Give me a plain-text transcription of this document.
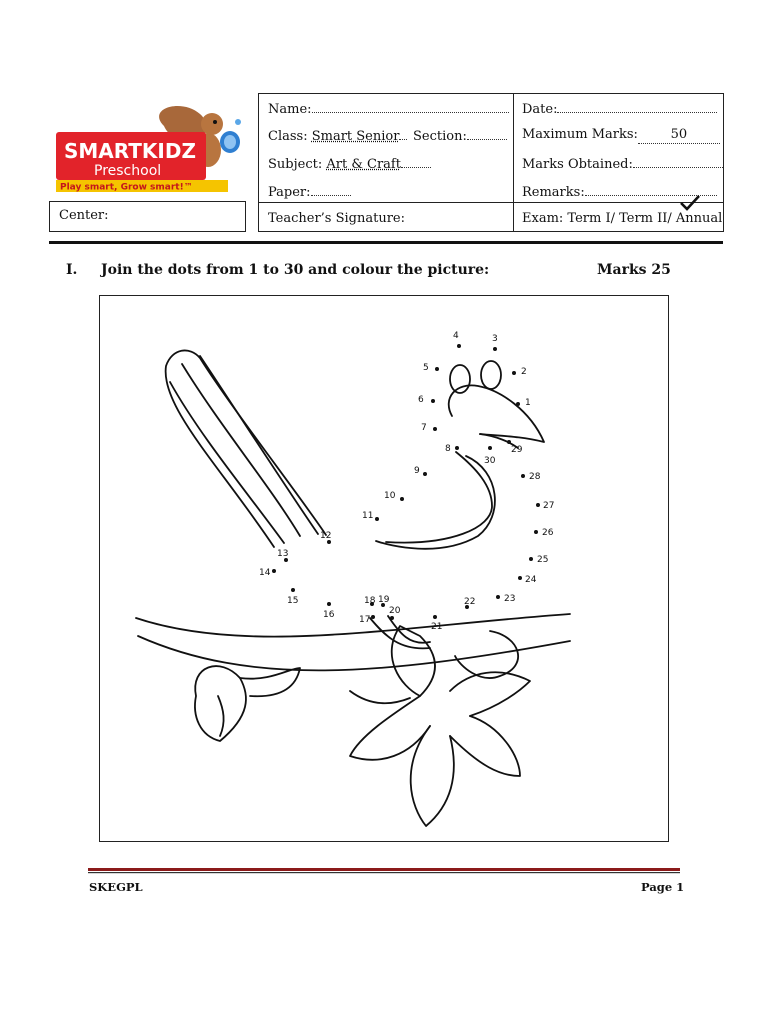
SMARTKIDZ
Preschool
Play smart, Grow smart!™
Name:	Date:
Class: Smart Senior	Section:	Maximum Marks:	50
Subject: Art & Craft	Marks Obtained:
Paper:	Remarks:
Teacher’s Signature:	Exam: Term I/ Term II/ Annual
Center:
I. Join the dots from 1 to 30 and colour the picture:	Marks 25
1
2
3
4
5
6
7
8
9
10
11
12
13
14
15
16	17
18 19
20
21
22	23
24
25
26
27
28
29
30
SKEGPL	Page 1
